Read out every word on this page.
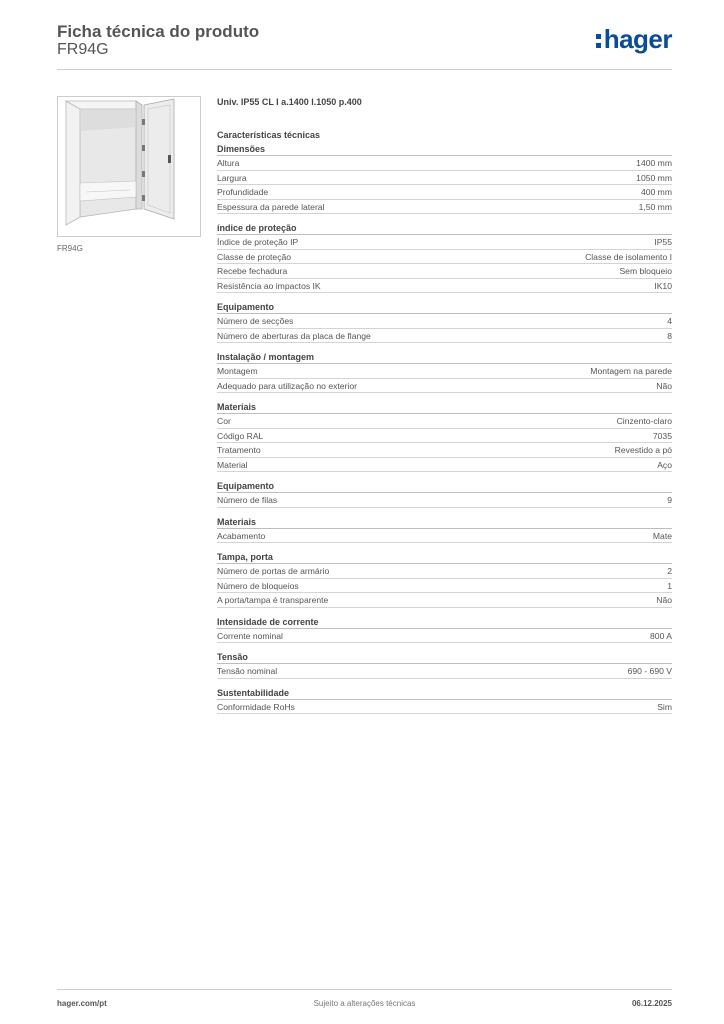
Ficha técnica do produto
FR94G	hager
FR94G
Univ. IP55 CL I a.1400 l.1050 p.400
Características técnicas
Dimensões
Altura	1400 mm
Largura	1050 mm
Profundidade	400 mm
Espessura da parede lateral	1,50 mm
índice de proteção
Índice de proteção IP	IP55
Classe de proteção	Classe de isolamento I
Recebe fechadura	Sem bloqueio
Resistência ao impactos IK	IK10
Equipamento
Número de secções	4
Número de aberturas da placa de flange	8
Instalação / montagem
Montagem	Montagem na parede
Adequado para utilização no exterior	Não
Materiais
Cor	Cinzento-claro
Código RAL	7035
Tratamento	Revestido a pó
Material	Aço
Equipamento
Número de filas	9
Materiais
Acabamento	Mate
Tampa, porta
Número de portas de armário	2
Número de bloqueios	1
A porta/tampa é transparente	Não
Intensidade de corrente
Corrente nominal	800 A
Tensão
Tensão nominal	690 - 690 V
Sustentabilidade
Conformidade RoHs	Sim
hager.com/pt	Sujeito a alterações técnicas	06.12.2025
